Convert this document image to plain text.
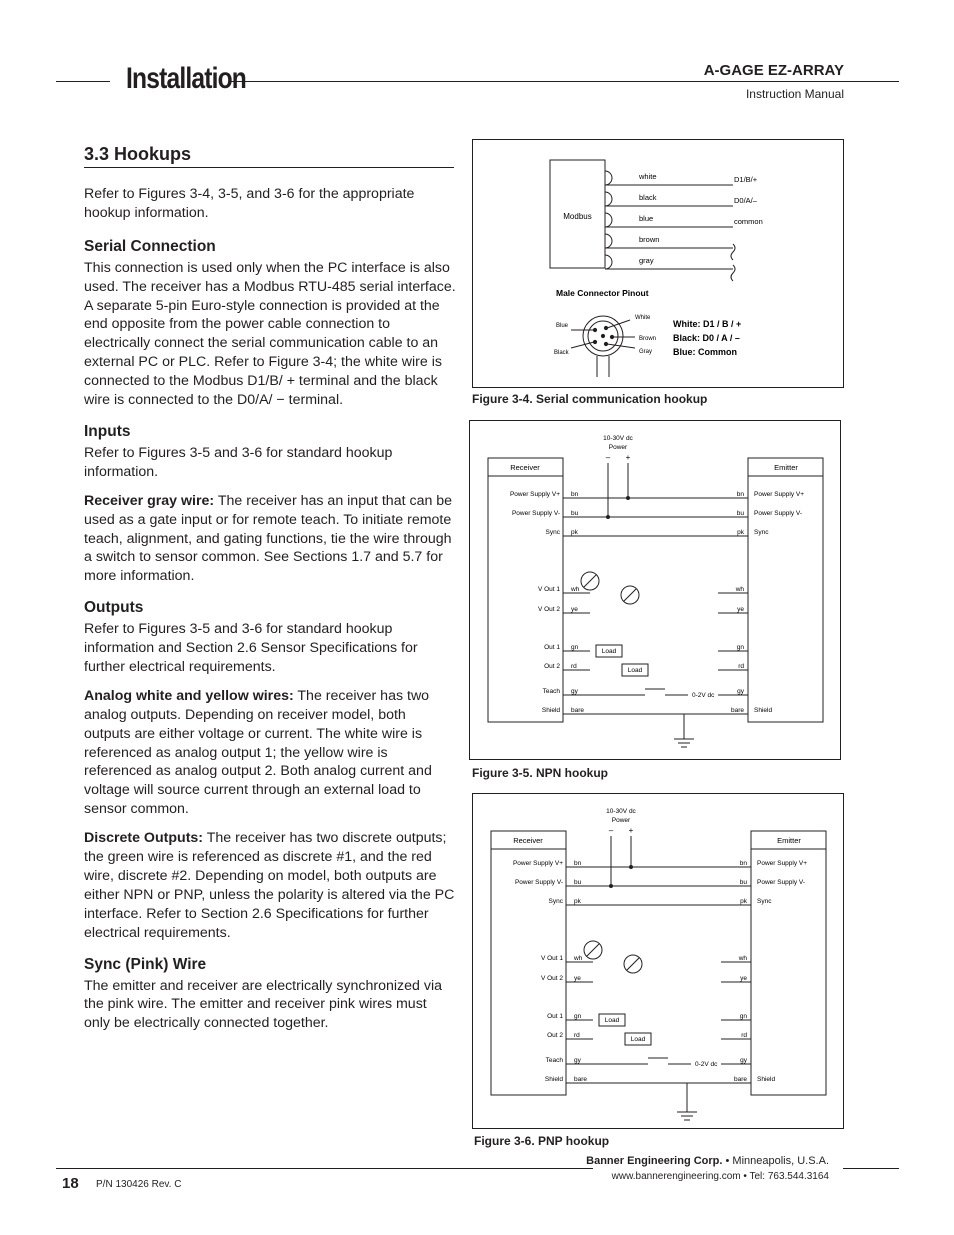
Installation	A-GAGE EZ-ARRAY
Instruction Manual
3.3 Hookups

Refer to Figures 3-4, 3-5, and 3-6 for the appropriate hookup information.

Serial Connection

This connection is used only when the PC interface is also used. The receiver has a Modbus RTU-485 serial interface. A separate 5-pin Euro-style connection is provided at the end opposite from the power cable connection to electrically connect the serial communication cable to an external PC or PLC. Refer to Figure 3-4; the white wire is connected to the Modbus D1/B/ + terminal and the black wire is connected to the D0/A/ − terminal.

Inputs

Refer to Figures 3-5 and 3-6 for standard hookup information.

Receiver gray wire: The receiver has an input that can be used as a gate input or for remote teach. To initiate remote teach, alignment, and gating functions, tie the wire through a switch to sensor common. See Sections 1.7 and 5.7 for more information.

Outputs

Refer to Figures 3-5 and 3-6 for standard hookup information and Section 2.6 Sensor Specifications for further electrical requirements.

Analog white and yellow wires: The receiver has two analog outputs. Depending on receiver model, both outputs are either voltage or current. The white wire is referenced as analog output 1; the yellow wire is referenced as analog output 2. Both analog current and voltage will source current through an external load to sensor common.

Discrete Outputs: The receiver has two discrete outputs; the green wire is referenced as discrete #1, and the red wire, discrete #2. Depending on model, both outputs are either NPN or PNP, unless the polarity is altered via the PC interface. Refer to Section 2.6 Specifications for further electrical requirements.

Sync (Pink) Wire

The emitter and receiver are electrically synchronized via the pink wire. The emitter and receiver pink wires must only be electrically connected together.

Modbus
white	D1/B/+
black	D0/A/–
blue	common
brown
gray
Male Connector Pinout
Blue
White
Brown
Gray
Black
White: D1 / B / +
Black: D0 / A / –
Blue: Common
Figure 3-4. Serial communication hookup
10-30V dc
Power
– +
Receiver	Emitter
Power Supply V+ bn
Power Supply V- bu
Sync pk
V Out 1 wh
V Out 2 ye
Out 1 gn
Out 2 rd
Teach gy
Shield bare
Power Supply V+
bn
Power Supply V-
bu
Sync
pk
wh
ye
gn
rd
gy
Shield
bare
Load
Load
0-2V dc
Figure 3-5. NPN hookup
10-30V dc
Power
– +
Receiver	Emitter
Power Supply V+ bn
Power Supply V- bu
Sync pk
V Out 1 wh
V Out 2 ye
Out 1 gn
Out 2 rd
Teach gy
Shield bare
Power Supply V+
bn
Power Supply V-
bu
Sync
pk
wh
ye
gn
rd
gy
Shield
bare
Load
Load
0-2V dc
Figure 3-6. PNP hookup
18 P/N 130426 Rev. C
Banner Engineering Corp. • Minneapolis, U.S.A.
www.bannerengineering.com • Tel: 763.544.3164
